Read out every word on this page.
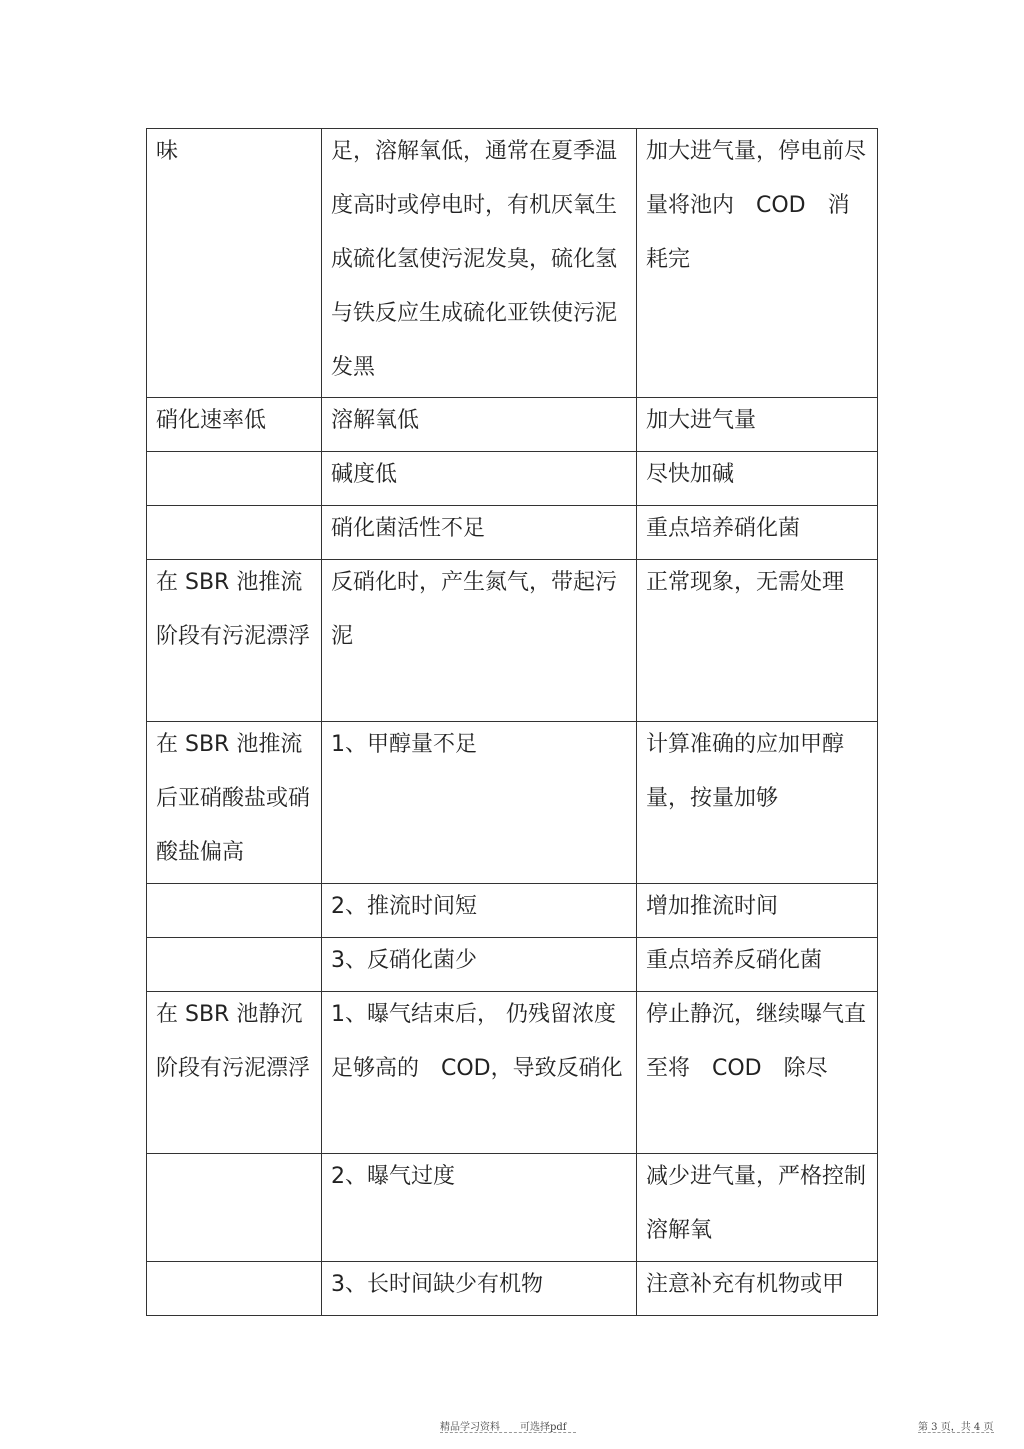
味	足，溶解氧低，通常在夏季温度高时或停电时，有机厌氧生成硫化氢使污泥发臭，硫化氢与铁反应生成硫化亚铁使污泥发黑	加大进气量，停电前尽量将池内　COD　消耗完

硝化速率低	溶解氧低	加大进气量

	碱度低	尽快加碱

	硝化菌活性不足	重点培养硝化菌

在 SBR 池推流阶段有污泥漂浮	反硝化时，产生氮气，带起污泥	正常现象，无需处理

在 SBR 池推流后亚硝酸盐或硝酸盐偏高	1、甲醇量不足	计算准确的应加甲醇量，按量加够

	2、推流时间短	增加推流时间

	3、反硝化菌少	重点培养反硝化菌

在 SBR 池静沉阶段有污泥漂浮	1、曝气结束后， 仍残留浓度足够高的　COD，导致反硝化	停止静沉，继续曝气直至将　COD　除尽

	2、曝气过度	减少进气量，严格控制溶解氧

	3、长时间缺少有机物	注意补充有机物或甲
精品学习资料　　可选择pdf	第 3 页，共 4 页
